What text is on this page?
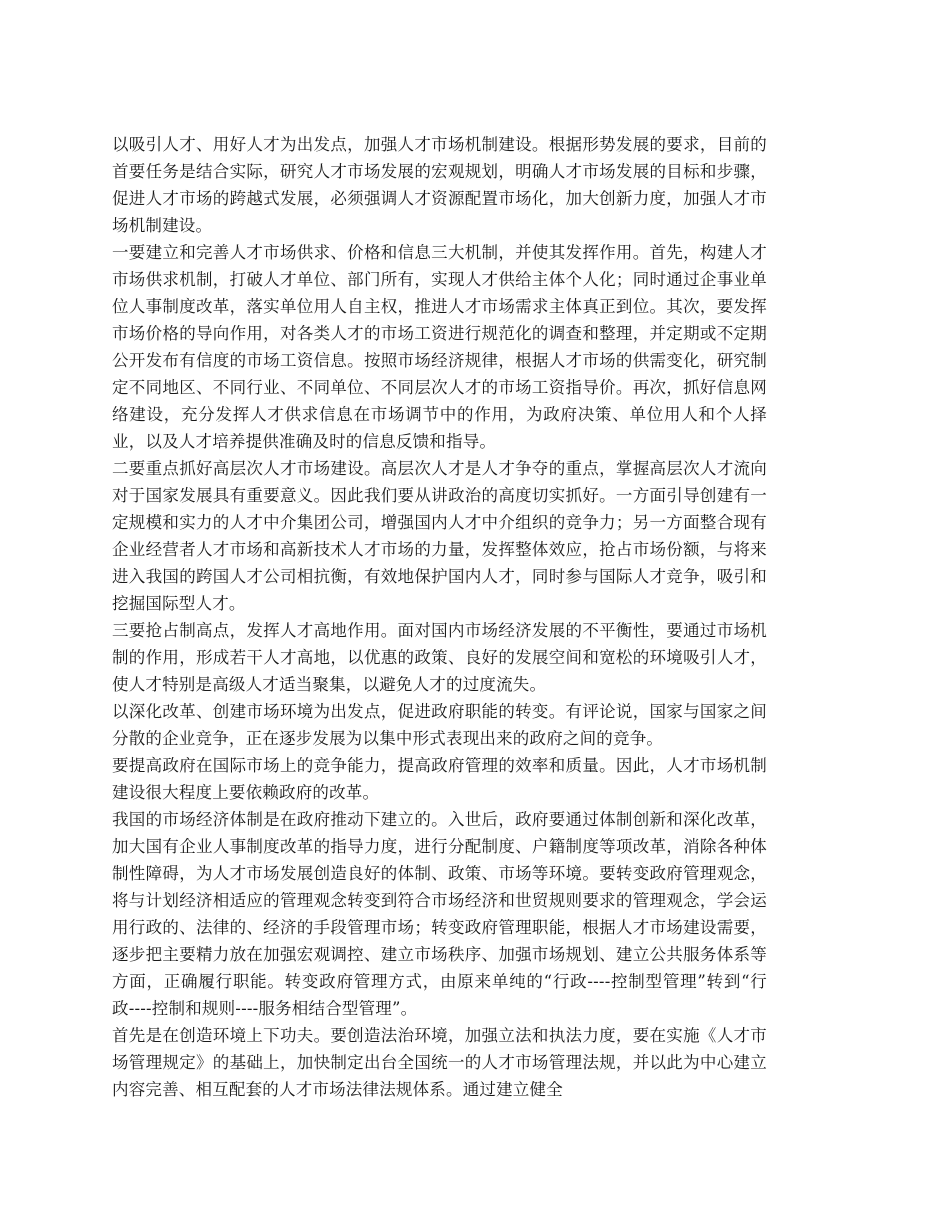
以吸引人才、用好人才为出发点，加强人才市场机制建设。根据形势发展的要求，目前的首要任务是结合实际，研究人才市场发展的宏观规划，明确人才市场发展的目标和步骤，促进人才市场的跨越式发展，必须强调人才资源配置市场化，加大创新力度，加强人才市场机制建设。

一要建立和完善人才市场供求、价格和信息三大机制，并使其发挥作用。首先，构建人才市场供求机制，打破人才单位、部门所有，实现人才供给主体个人化；同时通过企事业单位人事制度改革，落实单位用人自主权，推进人才市场需求主体真正到位。其次，要发挥市场价格的导向作用，对各类人才的市场工资进行规范化的调查和整理，并定期或不定期公开发布有信度的市场工资信息。按照市场经济规律，根据人才市场的供需变化，研究制定不同地区、不同行业、不同单位、不同层次人才的市场工资指导价。再次，抓好信息网络建设，充分发挥人才供求信息在市场调节中的作用，为政府决策、单位用人和个人择业，以及人才培养提供准确及时的信息反馈和指导。

二要重点抓好高层次人才市场建设。高层次人才是人才争夺的重点，掌握高层次人才流向对于国家发展具有重要意义。因此我们要从讲政治的高度切实抓好。一方面引导创建有一定规模和实力的人才中介集团公司，增强国内人才中介组织的竞争力；另一方面整合现有企业经营者人才市场和高新技术人才市场的力量，发挥整体效应，抢占市场份额，与将来进入我国的跨国人才公司相抗衡，有效地保护国内人才，同时参与国际人才竞争，吸引和挖掘国际型人才。

三要抢占制高点，发挥人才高地作用。面对国内市场经济发展的不平衡性，要通过市场机制的作用，形成若干人才高地，以优惠的政策、良好的发展空间和宽松的环境吸引人才，使人才特别是高级人才适当聚集，以避免人才的过度流失。

以深化改革、创建市场环境为出发点，促进政府职能的转变。有评论说，国家与国家之间分散的企业竞争，正在逐步发展为以集中形式表现出来的政府之间的竞争。

要提高政府在国际市场上的竞争能力，提高政府管理的效率和质量。因此，人才市场机制建设很大程度上要依赖政府的改革。

我国的市场经济体制是在政府推动下建立的。入世后，政府要通过体制创新和深化改革，加大国有企业人事制度改革的指导力度，进行分配制度、户籍制度等项改革，消除各种体制性障碍，为人才市场发展创造良好的体制、政策、市场等环境。要转变政府管理观念，将与计划经济相适应的管理观念转变到符合市场经济和世贸规则要求的管理观念，学会运用行政的、法律的、经济的手段管理市场；转变政府管理职能，根据人才市场建设需要，逐步把主要精力放在加强宏观调控、建立市场秩序、加强市场规划、建立公共服务体系等方面，正确履行职能。转变政府管理方式，由原来单纯的“行政----控制型管理”转到“行政----控制和规则----服务相结合型管理”。

首先是在创造环境上下功夫。要创造法治环境，加强立法和执法力度，要在实施《人才市场管理规定》的基础上，加快制定出台全国统一的人才市场管理法规，并以此为中心建立内容完善、相互配套的人才市场法律法规体系。通过建立健全
